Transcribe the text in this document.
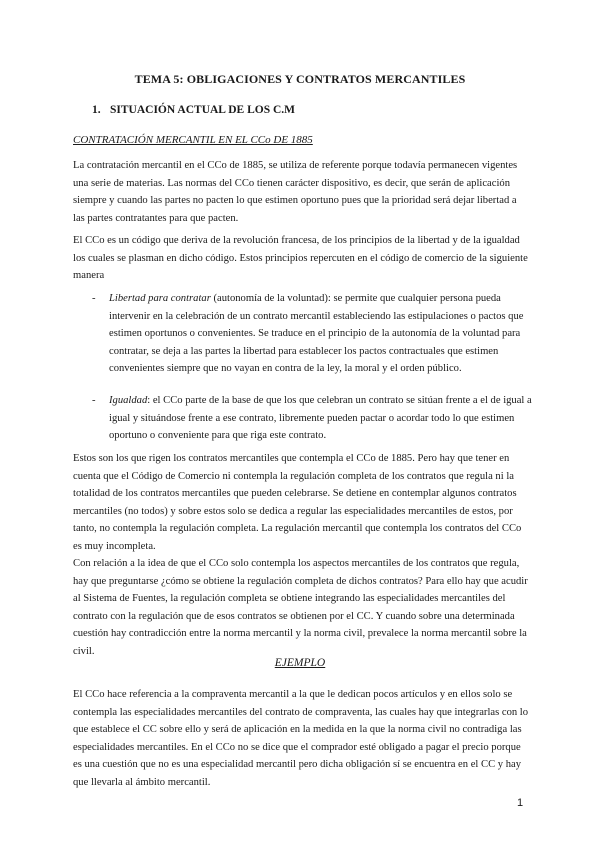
TEMA 5: OBLIGACIONES Y CONTRATOS MERCANTILES
1. SITUACIÓN ACTUAL DE LOS C.M
CONTRATACIÓN MERCANTIL EN EL CCo DE 1885

La contratación mercantil en el CCo de 1885, se utiliza de referente porque todavía permanecen vigentes una serie de materias. Las normas del CCo tienen carácter dispositivo, es decir, que serán de aplicación siempre y cuando las partes no pacten lo que estimen oportuno pues que la prioridad será dejar libertad a las partes contratantes para que pacten.

El CCo es un código que deriva de la revolución francesa, de los principios de la libertad y de la igualdad los cuales se plasman en dicho código. Estos principios repercuten en el código de comercio de la siguiente manera

- Libertad para contratar (autonomía de la voluntad): se permite que cualquier persona pueda intervenir en la celebración de un contrato mercantil estableciendo las estipulaciones o pactos que estimen oportunos o convenientes. Se traduce en el principio de la autonomía de la voluntad para contratar, se deja a las partes la libertad para establecer los pactos contractuales que estimen convenientes siempre que no vayan en contra de la ley, la moral y el orden público.
- Igualdad: el CCo parte de la base de que los que celebran un contrato se sitúan frente a el de igual a igual y situándose frente a ese contrato, libremente pueden pactar o acordar todo lo que estimen oportuno o conveniente para que riga este contrato.

Estos son los que rigen los contratos mercantiles que contempla el CCo de 1885. Pero hay que tener en cuenta que el Código de Comercio ni contempla la regulación completa de los contratos que regula ni la totalidad de los contratos mercantiles que pueden celebrarse. Se detiene en contemplar algunos contratos mercantiles (no todos) y sobre estos solo se dedica a regular las especialidades mercantiles de estos, por tanto, no contempla la regulación completa. La regulación mercantil que contempla los contratos del CCo es muy incompleta.

Con relación a la idea de que el CCo solo contempla los aspectos mercantiles de los contratos que regula, hay que preguntarse ¿cómo se obtiene la regulación completa de dichos contratos? Para ello hay que acudir al Sistema de Fuentes, la regulación completa se obtiene integrando las especialidades mercantiles del contrato con la regulación que de esos contratos se obtienen por el CC. Y cuando sobre una determinada cuestión hay contradicción entre la norma mercantil y la norma civil, prevalece la norma mercantil sobre la civil.

EJEMPLO

El CCo hace referencia a la compraventa mercantil a la que le dedican pocos artículos y en ellos solo se contempla las especialidades mercantiles del contrato de compraventa, las cuales hay que integrarlas con lo que establece el CC sobre ello y será de aplicación en la medida en la que la norma civil no contradiga las especialidades mercantiles. En el CCo no se dice que el comprador esté obligado a pagar el precio porque es una cuestión que no es una especialidad mercantil pero dicha obligación sí se encuentra en el CC y hay que llevarla al ámbito mercantil.

1
